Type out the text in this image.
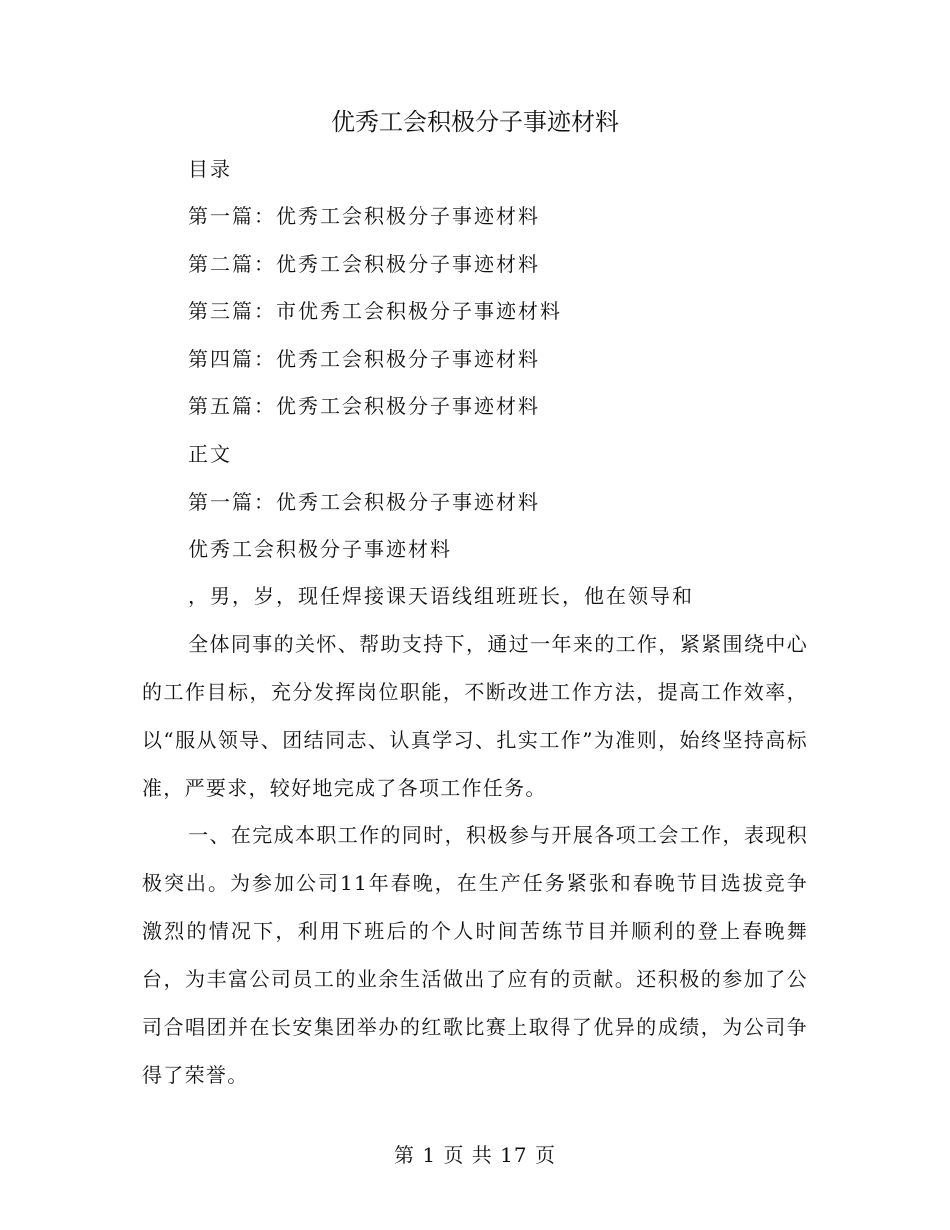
优秀工会积极分子事迹材料
目录
第一篇：优秀工会积极分子事迹材料
第二篇：优秀工会积极分子事迹材料
第三篇：市优秀工会积极分子事迹材料
第四篇：优秀工会积极分子事迹材料
第五篇：优秀工会积极分子事迹材料
正文
第一篇：优秀工会积极分子事迹材料
优秀工会积极分子事迹材料
，男，岁，现任焊接课天语线组班班长，他在领导和
全体同事的关怀、帮助支持下，通过一年来的工作，紧紧围绕中心的工作目标，充分发挥岗位职能，不断改进工作方法，提高工作效率，以“服从领导、团结同志、认真学习、扎实工作”为准则，始终坚持高标准，严要求，较好地完成了各项工作任务。
一、在完成本职工作的同时，积极参与开展各项工会工作，表现积极突出。为参加公司11年春晚，在生产任务紧张和春晚节目选拔竞争激烈的情况下，利用下班后的个人时间苦练节目并顺利的登上春晚舞台，为丰富公司员工的业余生活做出了应有的贡献。还积极的参加了公司合唱团并在长安集团举办的红歌比赛上取得了优异的成绩，为公司争得了荣誉。
第 1 页 共 17 页
